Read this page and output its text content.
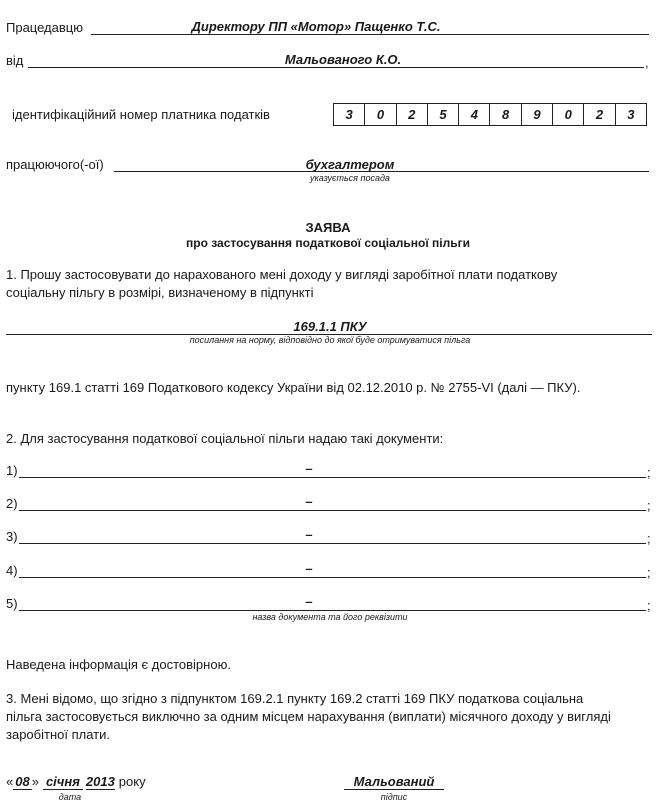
Працедавцю	Директору ПП «Мотор» Пащенко Т.С.
від	Мальованого К.О.	,
ідентифікаційний номер платника податків	3	0	2	5	4	8	9	0	2	3
працюючого(-ої)	бухгалтером
указується посада
ЗАЯВА
про застосування податкової соціальної пільги
1. Прошу застосовувати до нарахованого мені доходу у вигляді заробітної плати податкову
соціальну пільгу в розмірі, визначеному в підпункті
169.1.1 ПКУ
посилання на норму, відповідно до якої буде отримуватися пільга
пункту 169.1 статті 169 Податкового кодексу України від 02.12.2010 р. № 2755-VI (далі — ПКУ).
2. Для застосування податкової соціальної пільги надаю такі документи:
1)	–	;
2)	–	;
3)	–	;
4)	–	;
5)	–	;
назва документа та його реквізити
Наведена інформація є достовірною.
3. Мені відомо, що згідно з підпунктом 169.2.1 пункту 169.2 статті 169 ПКУ податкова соціальна
пільга застосовується виключно за одним місцем нарахування (виплати) місячного доходу у вигляді
заробітної плати.
« 08 » січня 2013 року
дата
Мальований
підпис
